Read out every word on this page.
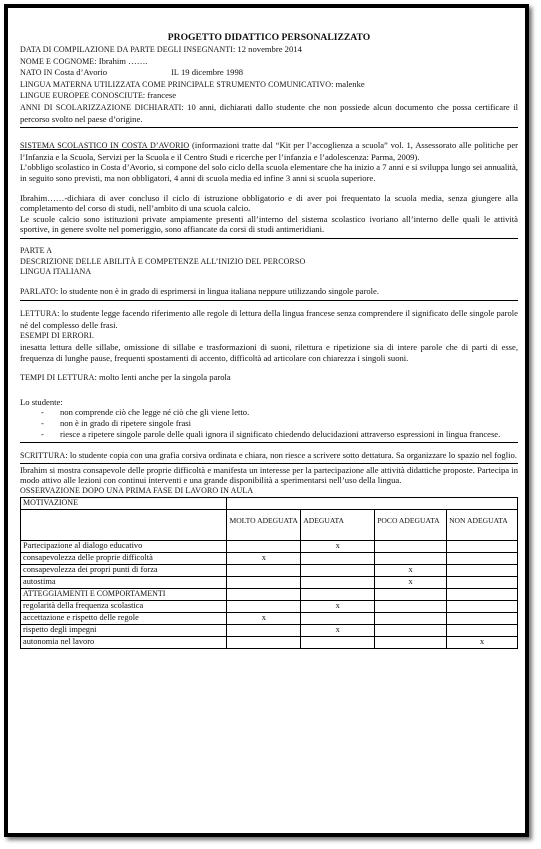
PROGETTO DIDATTICO PERSONALIZZATO
DATA DI COMPILAZIONE DA PARTE DEGLI INSEGNANTI: 12 novembre 2014
NOME E COGNOME: Ibrahim …….
NATO IN Costa d’Avorio	IL 19 dicembre 1998
LINGUA MATERNA UTILIZZATA COME PRINCIPALE STRUMENTO COMUNICATIVO: malenke
LINGUE EUROPEE CONOSCIUTE: francese
ANNI DI SCOLARIZZAZIONE DICHIARATI: 10 anni, dichiarati dallo studente che non possiede alcun documento che possa certificare il percorso svolto nel paese d’origine.
SISTEMA SCOLASTICO IN COSTA D’AVORIO (informazioni tratte dal “Kit per l’accoglienza a scuola” vol. 1, Assessorato alle politiche per l’Infanzia e la Scuola, Servizi per la Scuola e il Centro Studi e ricerche per l’infanzia e l’adolescenza: Parma, 2009).
L’obbligo scolastico in Costa d’Avorio, si compone del solo ciclo della scuola elementare che ha inizio a 7 anni e si sviluppa lungo sei annualità, in seguito sono previsti, ma non obbligatori, 4 anni di scuola media ed infine 3 anni si scuola superiore.
Ibrahim……-dichiara di aver concluso il ciclo di istruzione obbligatorio e di aver poi frequentato la scuola media, senza giungere alla completamento del corso di studi, nell’ambito di una scuola calcio.
Le scuole calcio sono istituzioni private ampiamente presenti all’interno del sistema scolastico ivoriano all’interno delle quali le attività sportive, in genere svolte nel pomeriggio, sono affiancate da corsi di studi antimeridiani.
PARTE A
DESCRIZIONE DELLE ABILITÀ E COMPETENZE ALL’INIZIO DEL PERCORSO
LINGUA ITALIANA
PARLATO: lo studente non è in grado di esprimersi in lingua italiana neppure utilizzando singole parole.
LETTURA: lo studente legge facendo riferimento alle regole di lettura della lingua francese senza comprendere il significato delle singole parole né del complesso delle frasi.
ESEMPI DI ERRORI.
inesatta lettura delle sillabe, omissione di sillabe e trasformazioni di suoni, rilettura e ripetizione sia di intere parole che di parti di esse, frequenza di lunghe pause, frequenti spostamenti di accento, difficoltà ad articolare con chiarezza i singoli suoni.
TEMPI DI LETTURA: molto lenti anche per la singola parola
Lo studente:
- non comprende ciò che legge né ciò che gli viene letto.
- non è in grado di ripetere singole frasi
- riesce a ripetere singole parole delle quali ignora il significato chiedendo delucidazioni attraverso espressioni in lingua francese.
SCRITTURA: lo studente copia con una grafia corsiva ordinata e chiara, non riesce a scrivere sotto dettatura. Sa organizzare lo spazio nel foglio.
Ibrahim si mostra consapevole delle proprie difficoltà e manifesta un interesse per la partecipazione alle attività didattiche proposte. Partecipa in modo attivo alle lezioni con continui interventi e una grande disponibilità a sperimentarsi nell’uso della lingua.
OSSERVAZIONE DOPO UNA PRIMA FASE DI LAVORO IN AULA
MOTIVAZIONE				
	MOLTO ADEGUATA	ADEGUATA	POCO ADEGUATA	NON ADEGUATA
Partecipazione al dialogo educativo		x		
consapevolezza delle proprie difficoltà	x			
consapevolezza dei propri punti di forza			x	
autostima			x	
ATTEGGIAMENTI E COMPORTAMENTI				
regolarità della frequenza scolastica		x		
accettazione e rispetto delle regole	x			
rispetto degli impegni		x		
autonomia nel lavoro				x
